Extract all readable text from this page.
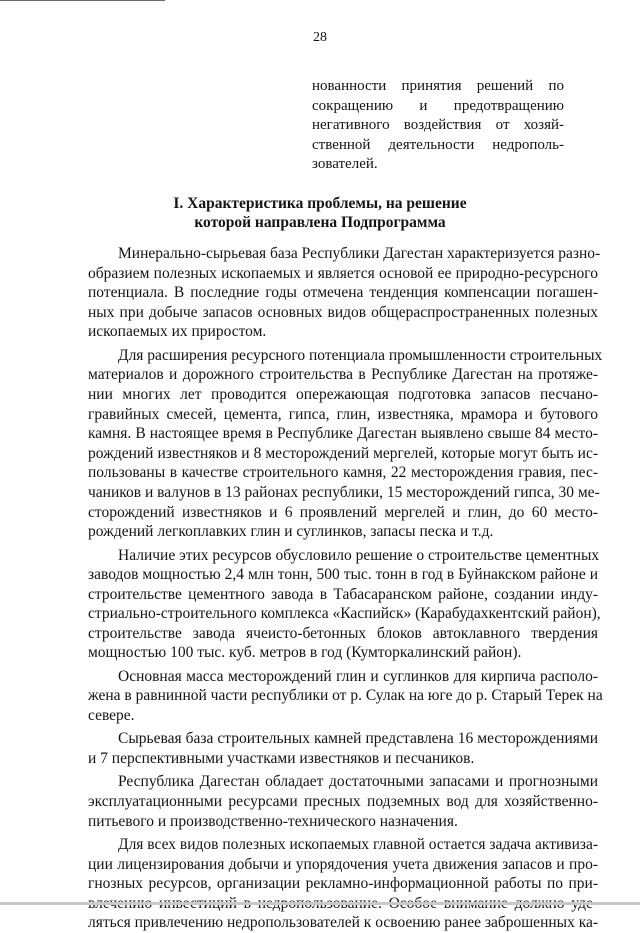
28
нованности принятия решений по
сокращению и предотвращению
негативного воздействия от хозяй-
ственной деятельности недрополь-
зователей.
I. Характеристика проблемы, на решение
которой направлена Подпрограмма
Минерально-сырьевая база Республики Дагестан характеризуется разно-
образием полезных ископаемых и является основой ее природно-ресурсного
потенциала. В последние годы отмечена тенденция компенсации погашен-
ных при добыче запасов основных видов общераспространенных полезных
ископаемых их приростом.
Для расширения ресурсного потенциала промышленности строительных
материалов и дорожного строительства в Республике Дагестан на протяже-
нии многих лет проводится опережающая подготовка запасов песчано-
гравийных смесей, цемента, гипса, глин, известняка, мрамора и бутового
камня. В настоящее время в Республике Дагестан выявлено свыше 84 место-
рождений известняков и 8 месторождений мергелей, которые могут быть ис-
пользованы в качестве строительного камня, 22 месторождения гравия, пес-
чаников и валунов в 13 районах республики, 15 месторождений гипса, 30 ме-
сторождений известняков и 6 проявлений мергелей и глин, до 60 место-
рождений легкоплавких глин и суглинков, запасы песка и т.д.
Наличие этих ресурсов обусловило решение о строительстве цементных
заводов мощностью 2,4 млн тонн, 500 тыс. тонн в год в Буйнакском районе и
строительстве цементного завода в Табасаранском районе, создании инду-
стриально-строительного комплекса «Каспийск» (Карабудахкентский район),
строительстве завода ячеисто-бетонных блоков автоклавного твердения
мощностью 100 тыс. куб. метров в год (Кумторкалинский район).
Основная масса месторождений глин и суглинков для кирпича располо-
жена в равнинной части республики от р. Сулак на юге до р. Старый Терек на
севере.
Сырьевая база строительных камней представлена 16 месторождениями
и 7 перспективными участками известняков и песчаников.
Республика Дагестан обладает достаточными запасами и прогнозными
эксплуатационными ресурсами пресных подземных вод для хозяйственно-
питьевого и производственно-технического назначения.
Для всех видов полезных ископаемых главной остается задача активиза-
ции лицензирования добычи и упорядочения учета движения запасов и про-
гнозных ресурсов, организации рекламно-информационной работы по при-
ляться привлечению недропользователей к освоению ранее заброшенных ка-
